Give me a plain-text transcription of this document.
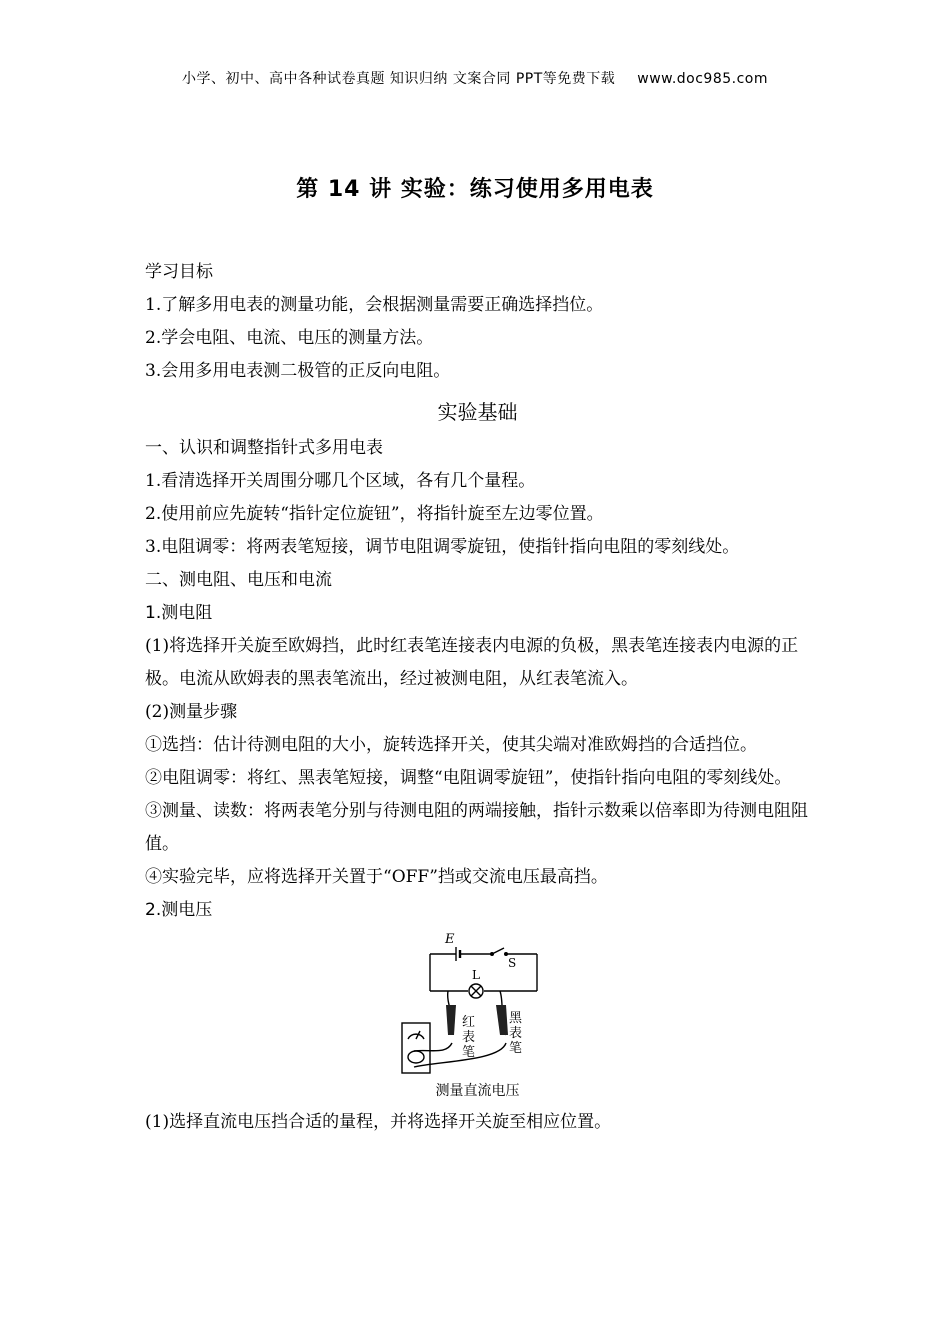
小学、初中、高中各种试卷真题 知识归纳 文案合同 PPT等免费下载 www.doc985.com
第 14 讲 实验：练习使用多用电表

学习目标

1.了解多用电表的测量功能，会根据测量需要正确选择挡位。

2.学会电阻、电流、电压的测量方法。

3.会用多用电表测二极管的正反向电阻。

实验基础

一、认识和调整指针式多用电表

1.看清选择开关周围分哪几个区域，各有几个量程。

2.使用前应先旋转“指针定位旋钮”，将指针旋至左边零位置。

3.电阻调零：将两表笔短接，调节电阻调零旋钮，使指针指向电阻的零刻线处。

二、测电阻、电压和电流

1.测电阻

(1)将选择开关旋至欧姆挡，此时红表笔连接表内电源的负极，黑表笔连接表内电源的正极。电流从欧姆表的黑表笔流出，经过被测电阻，从红表笔流入。

(2)测量步骤

①选挡：估计待测电阻的大小，旋转选择开关，使其尖端对准欧姆挡的合适挡位。

②电阻调零：将红、黑表笔短接，调整“电阻调零旋钮”，使指针指向电阻的零刻线处。

③测量、读数：将两表笔分别与待测电阻的两端接触，指针示数乘以倍率即为待测电阻阻值。

④实验完毕，应将选择开关置于“OFF”挡或交流电压最高挡。

2.测电压

E
S
L
红表笔
黑表笔
测量直流电压

(1)选择直流电压挡合适的量程，并将选择开关旋至相应位置。
